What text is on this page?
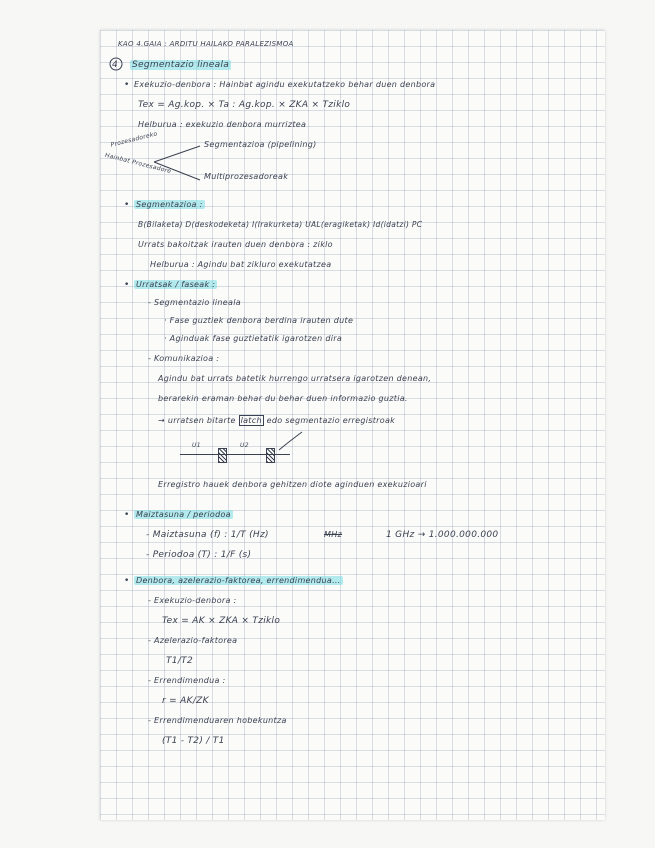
KAO 4.GAIA : ARDITU HAILAKO PARALEZISMOA
4 Segmentazio lineala
• Exekuzio-denbora : Hainbat agindu exekutatzeko behar duen denbora
Tex = Ag.kop. × Ta : Ag.kop. × ZKA × Tziklo
Helburua : exekuzio denbora murriztea
Prozesadoreko
Hainbat Prozesadore
Segmentazioa (pipelining)
Multiprozesadoreak
• Segmentazioa :
B(Bilaketa) D(deskodeketa) I(Irakurketa) UAL(eragiketak) Id(idatzi) PC
Urrats bakoitzak irauten duen denbora : ziklo
Helburua : Agindu bat zikluro exekutatzea
• Urratsak / faseak :
- Segmentazio lineala
· Fase guztiek denbora berdina irauten dute
· Aginduak fase guztietatik igarotzen dira
- Komunikazioa :
Agindu bat urrats batetik hurrengo urratsera igarotzen denean,
berarekin eraman behar du behar duen informazio guztia.
→ urratsen bitarte latch edo segmentazio erregistroak
U1	U2
Erregistro hauek denbora gehitzen diote aginduen exekuzioari
• Maiztasuna / periodoa
- Maiztasuna (f) : 1/T (Hz)	MHz	1 GHz → 1.000.000.000
- Periodoa (T) : 1/F (s)
• Denbora, azelerazio-faktorea, errendimendua...
- Exekuzio-denbora :
Tex = AK × ZKA × Tziklo
- Azelerazio-faktorea
T1/T2
- Errendimendua :
r = AK/ZK
- Errendimenduaren hobekuntza
(T1 - T2) / T1
